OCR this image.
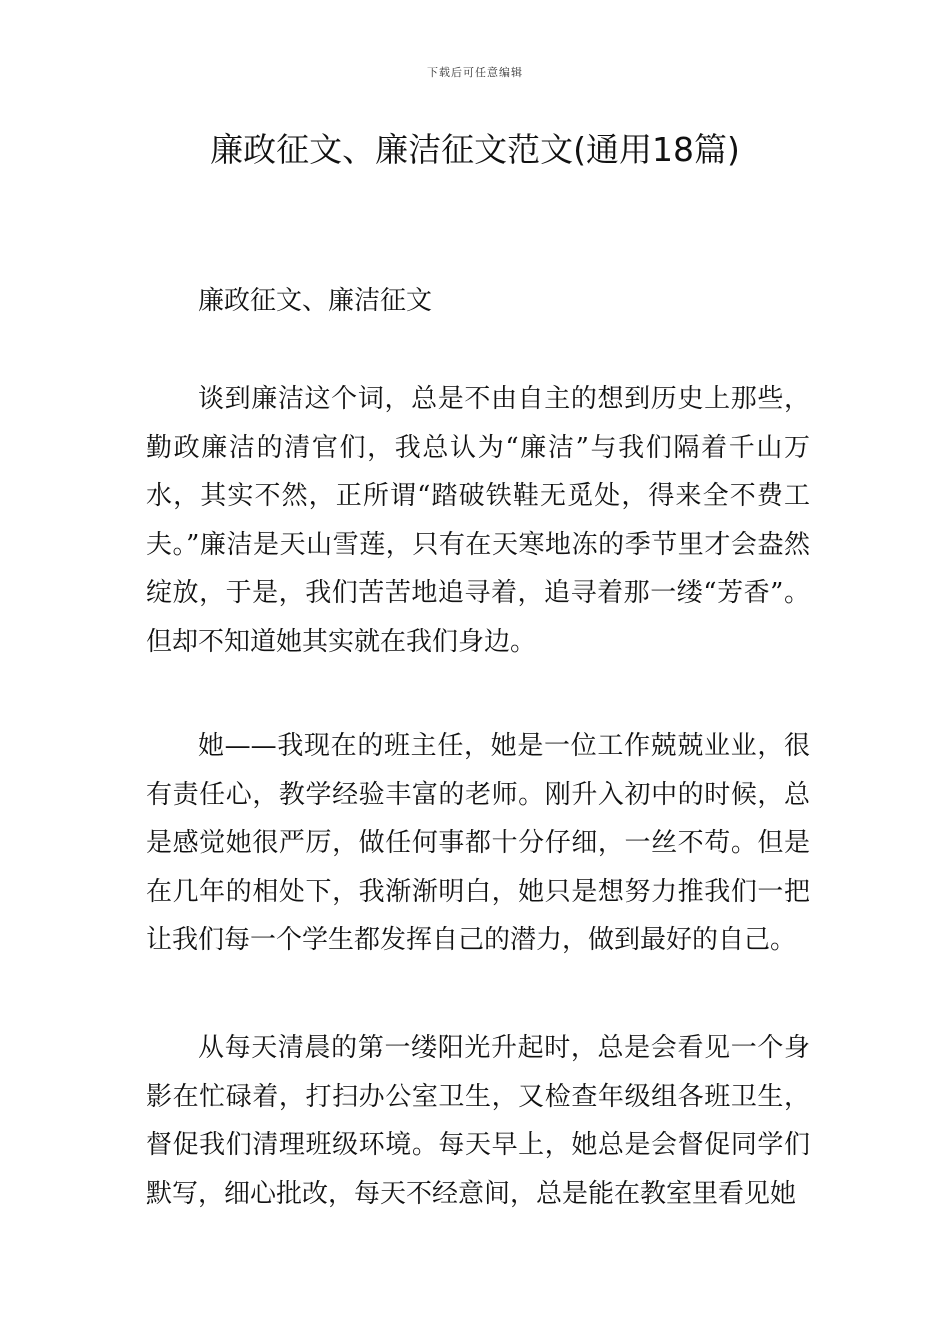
下载后可任意编辑
廉政征文、廉洁征文范文(通用18篇)

廉政征文、廉洁征文

谈到廉洁这个词，总是不由自主的想到历史上那些，勤政廉洁的清官们，我总认为“廉洁”与我们隔着千山万水，其实不然，正所谓“踏破铁鞋无觅处，得来全不费工夫。”廉洁是天山雪莲，只有在天寒地冻的季节里才会盎然绽放，于是，我们苦苦地追寻着，追寻着那一缕“芳香”。但却不知道她其实就在我们身边。

她——我现在的班主任，她是一位工作兢兢业业，很有责任心，教学经验丰富的老师。刚升入初中的时候，总是感觉她很严厉，做任何事都十分仔细，一丝不苟。但是在几年的相处下，我渐渐明白，她只是想努力推我们一把让我们每一个学生都发挥自己的潜力，做到最好的自己。

从每天清晨的第一缕阳光升起时，总是会看见一个身影在忙碌着，打扫办公室卫生，又检查年级组各班卫生，督促我们清理班级环境。每天早上，她总是会督促同学们默写，细心批改，每天不经意间，总是能在教室里看见她
